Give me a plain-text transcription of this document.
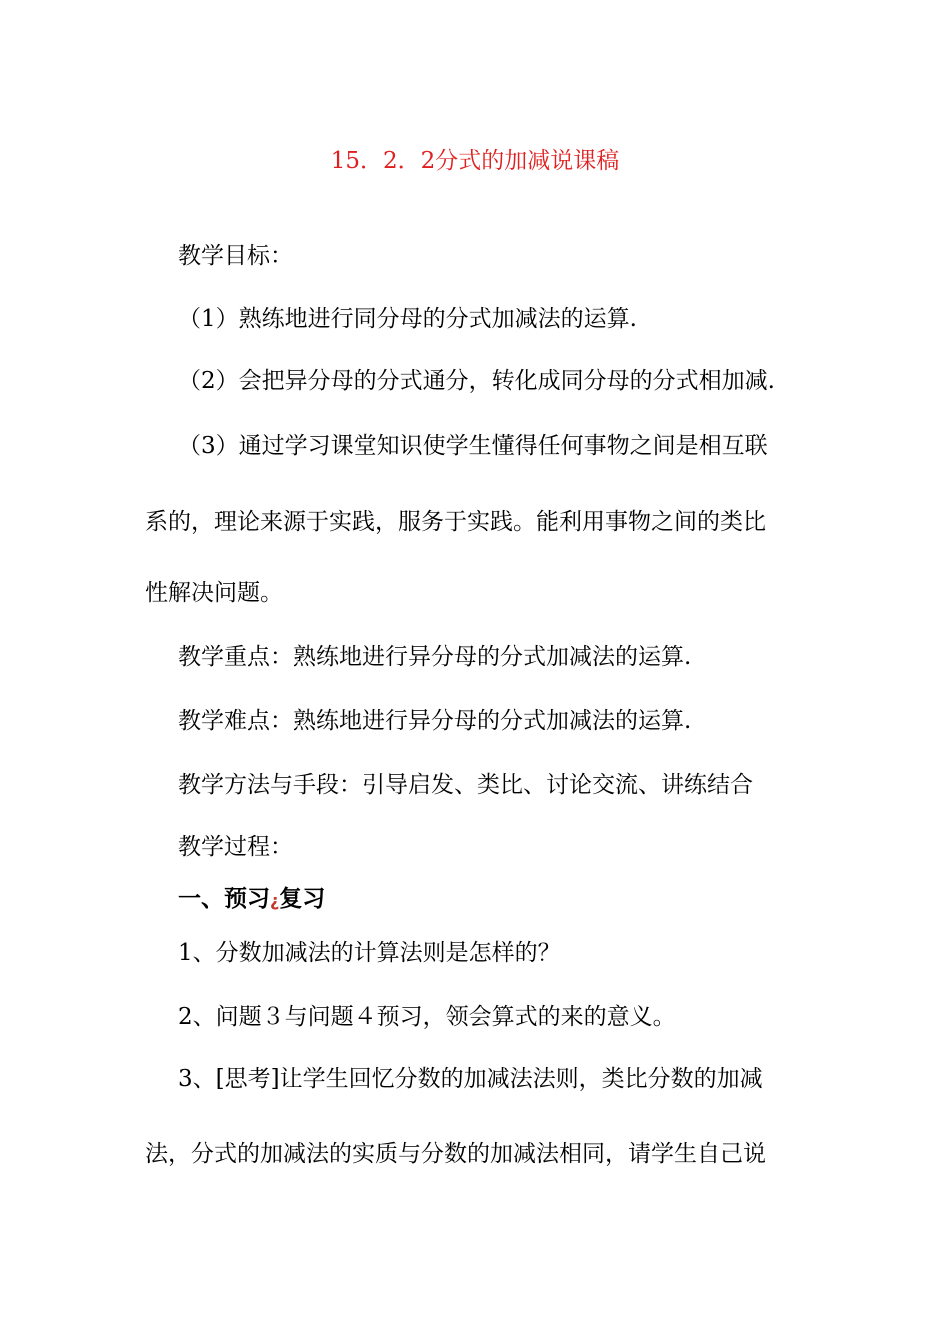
15．2．2分式的加减说课稿
教学目标：
（1）熟练地进行同分母的分式加减法的运算.
（2）会把异分母的分式通分，转化成同分母的分式相加减.
（3）通过学习课堂知识使学生懂得任何事物之间是相互联
系的，理论来源于实践，服务于实践。能利用事物之间的类比
性解决问题。
教学重点：熟练地进行异分母的分式加减法的运算.
教学难点：熟练地进行异分母的分式加减法的运算.
教学方法与手段：引导启发、类比、讨论交流、讲练结合
教学过程：
一、预习¿复习
1、分数加减法的计算法则是怎样的？
2、问题３与问题４预习，领会算式的来的意义。
3、[思考]让学生回忆分数的加减法法则，类比分数的加减
法，分式的加减法的实质与分数的加减法相同，请学生自己说
